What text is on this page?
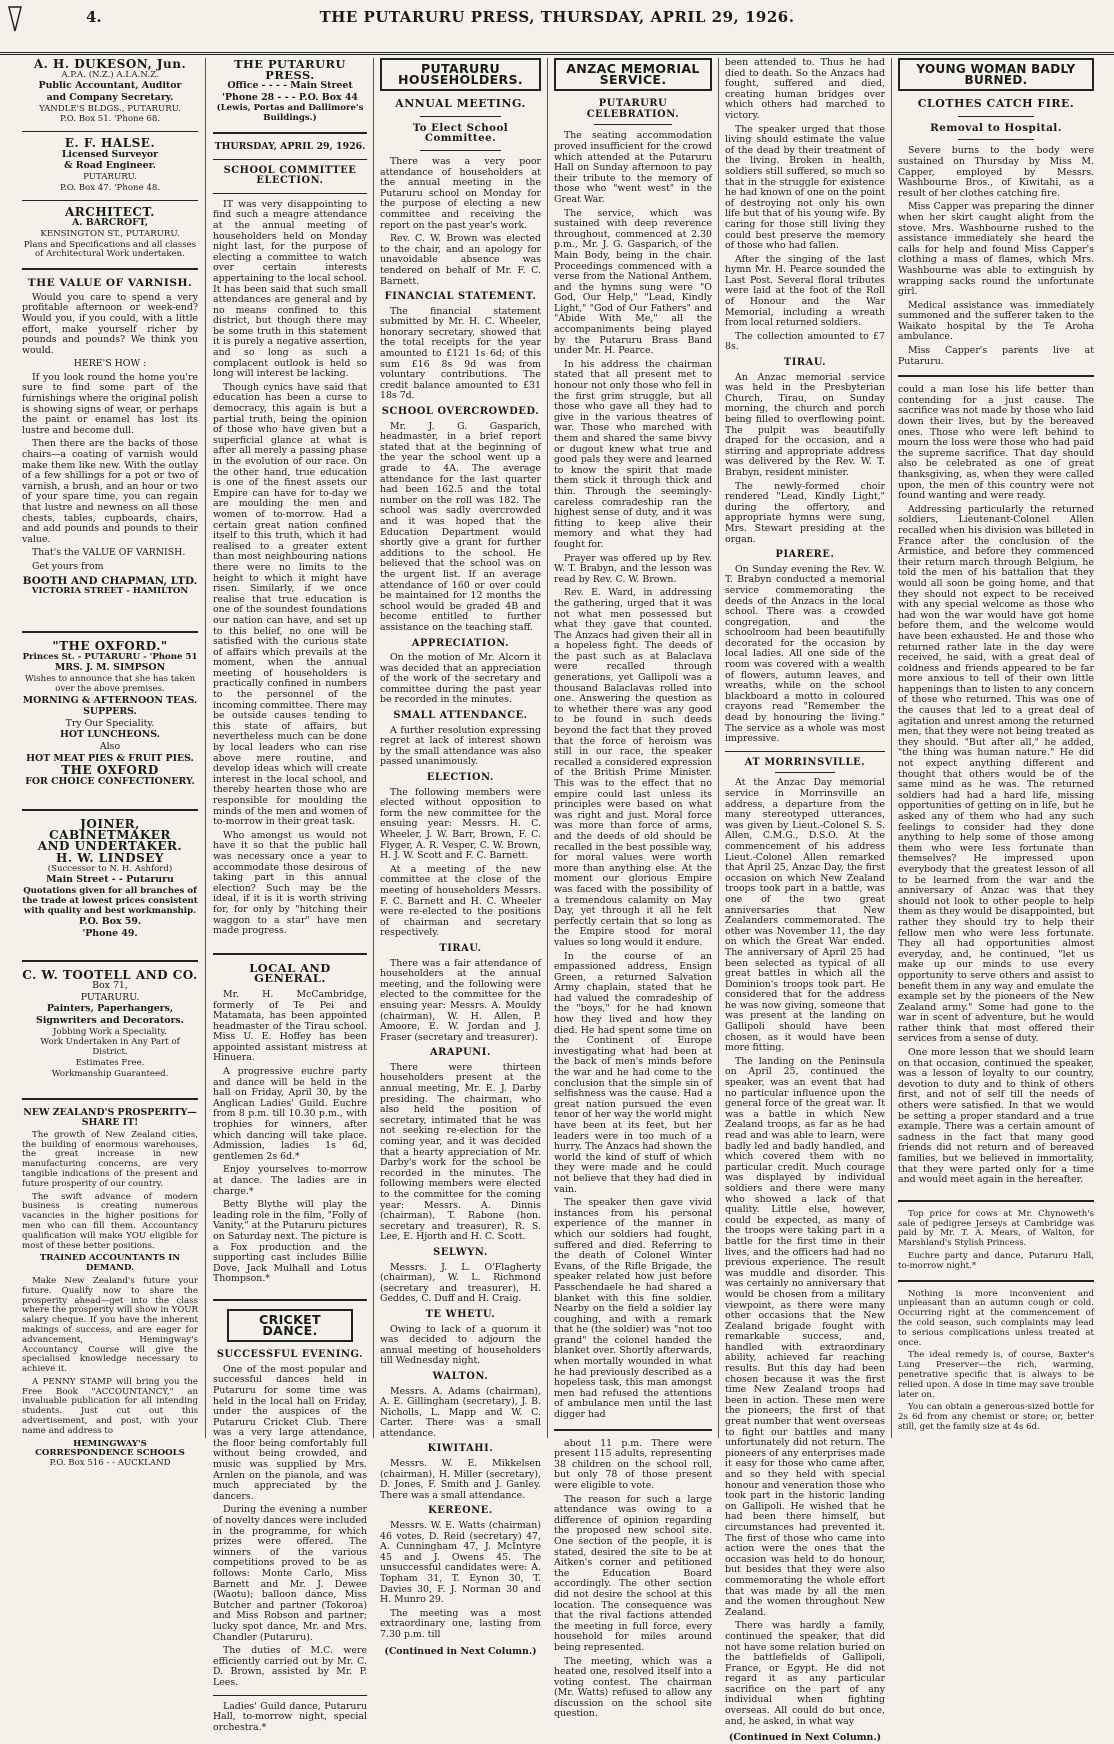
4.	THE PUTARURU PRESS, THURSDAY, APRIL 29, 1926.
A. H. DUKESON, Jun.
A.P.A. (N.Z.) A.I.A.N.Z.
Public Accountant, Auditor
and Company Secretary.
YANDLE'S BLDGS., PUTARURU.
P.O. Box 51. 'Phone 68.
E. F. HALSE.
Licensed Surveyor
& Road Engineer.
PUTARURU.
P.O. Box 47. 'Phone 48.
ARCHITECT.
A. BARCROFT,
KENSINGTON ST., PUTARURU.
Plans and Specifications and all classes of Architectural Work undertaken.
THE VALUE OF VARNISH.

Would you care to spend a very profitable afternoon or week-end? Would you, if you could, with a little effort, make yourself richer by pounds and pounds? We think you would.

HERE'S HOW :

If you look round the home you're sure to find some part of the furnishings where the original polish is showing signs of wear, or perhaps the paint or enamel has lost its lustre and become dull.

Then there are the backs of those chairs—a coating of varnish would make them like new. With the outlay of a few shillings for a pot or two of varnish, a brush, and an hour or two of your spare time, you can regain that lustre and newness on all those chests, tables, cupboards, chairs, and add pounds and pounds to their value.

That's the VALUE OF VARNISH.

Get yours from

BOOTH AND CHAPMAN, LTD.
VICTORIA STREET - HAMILTON
"THE OXFORD."
Princes St. - PUTARURU - 'Phone 51
MRS. J. M. SIMPSON
Wishes to announce that she has taken over the above premises.
MORNING & AFTERNOON TEAS.
SUPPERS.
Try Our Speciality.
HOT LUNCHEONS.
Also
HOT MEAT PIES & FRUIT PIES.
THE OXFORD
FOR CHOICE CONFECTIONERY.
JOINER, CABINETMAKER
AND UNDERTAKER.
H. W. LINDSEY
(Successor to N. H. Ashford)
Main Street - - Putaruru
Quotations given for all branches of the trade at lowest prices consistent with quality and best workmanship.
P.O. Box 59.
'Phone 49.
C. W. TOOTELL AND CO.
Box 71,
PUTARURU.
Painters, Paperhangers,
Signwriters and Decorators.
Jobbing Work a Speciality.
Work Undertaken in Any Part of District.
Estimates Free.
Workmanship Guaranteed.
NEW ZEALAND'S PROSPERITY— SHARE IT!

The growth of New Zealand cities, the building of enormous warehouses, the great increase in new manufacturing concerns, are very tangible indications of the present and future prosperity of our country.

The swift advance of modern business is creating numerous vacancies in the higher positions for men who can fill them. Accountancy qualification will make YOU eligible for most of these better positions.

TRAINED ACCOUNTANTS IN DEMAND.

Make New Zealand's future your future. Qualify now to share the prosperity ahead—get into the class where the prosperity will show in YOUR salary cheque. If you have the inherent makings of success, and are eager for advancement, Hemingway's Accountancy Course will give the specialised knowledge necessary to achieve it.

A PENNY STAMP will bring you the Free Book "ACCOUNTANCY," an invaluable publication for all intending students. Just cut out this advertisement, and post, with your name and address to

HEMINGWAY'S

CORRESPONDENCE SCHOOLS

P.O. Box 516 - - AUCKLAND

THE PUTARURU PRESS.
Office - - - - Main Street
'Phone 28 - - - P.O. Box 44
(Lewis, Portas and Dallimore's Buildings.)
THURSDAY, APRIL 29, 1926.
SCHOOL COMMITTEE ELECTION.

IT was very disappointing to find such a meagre attendance at the annual meeting of householders held on Monday night last, for the purpose of electing a committee to watch over certain interests appertaining to the local school. It has been said that such small attendances are general and by no means confined to this district, but though there may be some truth in this statement it is purely a negative assertion, and so long as such a complacent outlook is held so long will interest be lacking.

Though cynics have said that education has been a curse to democracy, this again is but a partial truth, being the opinion of those who have given but a superficial glance at what is after all merely a passing phase in the evolution of our race. On the other hand, true education is one of the finest assets our Empire can have for to-day we are moulding the men and women of to-morrow. Had a certain great nation confined itself to this truth, which it had realised to a greater extent than most neighbouring nations there were no limits to the height to which it might have risen. Similarly, if we once realise that true education is one of the soundest foundations our nation can have, and set up to this belief, no one will be satisfied with the curious state of affairs which prevails at the moment, when the annual meeting of householders is practically confined in numbers to the personnel of the incoming committee. There may be outside causes tending to this state of affairs, but nevertheless much can be done by local leaders who can rise above mere routine, and develop ideas which will create interest in the local school, and thereby hearten those who are responsible for moulding the minds of the men and women of to-morrow in their great task.

Who amongst us would not have it so that the public hall was necessary once a year to accommodate those desirous of taking part in this annual election? Such may be the ideal, if it is it is worth striving for, for only by "hitching their waggon to a star" have men made progress.

LOCAL AND GENERAL.

Mr. H. McCambridge, formerly of Te Pei and Matamata, has been appointed headmaster of the Tirau school. Miss U. E. Hoffey has been appointed assistant mistress at Hinuera.

A progressive euchre party and dance will be held in the hall on Friday, April 30, by the Anglican Ladies' Guild. Euchre from 8 p.m. till 10.30 p.m., with trophies for winners, after which dancing will take place. Admission, ladies 1s 6d, gentlemen 2s 6d.*

Enjoy yourselves to-morrow at dance. The ladies are in charge.*

Betty Blythe will play the leading role in the film, "Folly of Vanity," at the Putaruru pictures on Saturday next. The picture is a Fox production and the supporting cast includes Billie Dove, Jack Mulhall and Lotus Thompson.*

CRICKET DANCE.
SUCCESSFUL EVENING.

One of the most popular and successful dances held in Putaruru for some time was held in the local hall on Friday, under the auspices of the Putaruru Cricket Club. There was a very large attendance, the floor being comfortably full without being crowded, and music was supplied by Mrs. Arnlen on the pianola, and was much appreciated by the dancers.

During the evening a number of novelty dances were included in the programme, for which prizes were offered. The winners of the various competitions proved to be as follows: Monte Carlo, Miss Barnett and Mr. J. Dewee (Waotu); balloon dance, Miss Butcher and partner (Tokoroa) and Miss Robson and partner; lucky spot dance, Mr. and Mrs. Chandler (Putaruru).

The duties of M.C. were efficiently carried out by Mr. C. D. Brown, assisted by Mr. P. Lees.

Ladies' Guild dance, Putaruru Hall, to-morrow night, special orchestra.*

PUTARURU HOUSEHOLDERS.
ANNUAL MEETING.
To Elect School Committee.

There was a very poor attendance of householders at the annual meeting in the Putaruru school on Monday for the purpose of electing a new committee and receiving the report on the past year's work.

Rev. C. W. Brown was elected to the chair, and an apology for unavoidable absence was tendered on behalf of Mr. F. C. Barnett.

FINANCIAL STATEMENT.

The financial statement submitted by Mr. H. C. Wheeler, honorary secretary, showed that the total receipts for the year amounted to £121 1s 6d; of this sum £16 8s 9d was from voluntary contributions. The credit balance amounted to £31 18s 7d.

SCHOOL OVERCROWDED.

Mr. J. G. Gasparich, headmaster, in a brief report stated that at the beginning of the year the school went up a grade to 4A. The average attendance for the last quarter had been 162.5 and the total number on the roll was 182. The school was sadly overcrowded and it was hoped that the Education Department would shortly give a grant for further additions to the school. He believed that the school was on the urgent list. If an average attendance of 160 or over could be maintained for 12 months the school would be graded 4B and become entitled to further assistance on the teaching staff.

APPRECIATION.

On the motion of Mr. Alcorn it was decided that an appreciation of the work of the secretary and committee during the past year be recorded in the minutes.

SMALL ATTENDANCE.

A further resolution expressing regret at lack of interest shown by the small attendance was also passed unanimously.

ELECTION.

The following members were elected without opposition to form the new committee for the ensuing year: Messrs. H. C. Wheeler, J. W. Barr, Brown, F. C. Flyger, A. R. Vesper, C. W. Brown, H. J. W. Scott and F. C. Barnett.

At a meeting of the new committee at the close of the meeting of householders Messrs. F. C. Barnett and H. C. Wheeler were re-elected to the positions of chairman and secretary respectively.

TIRAU.

There was a fair attendance of householders at the annual meeting, and the following were elected to the committee for the ensuing year: Messrs. A. Mouldy (chairman), W. H. Allen, P. Amoore, E. W. Jordan and J. Fraser (secretary and treasurer).

ARAPUNI.

There were thirteen householders present at the annual meeting, Mr. E. J. Darby presiding. The chairman, who also held the position of secretary, intimated that he was not seeking re-election for the coming year, and it was decided that a hearty appreciation of Mr. Darby's work for the school be recorded in the minutes. The following members were elected to the committee for the coming year: Messrs. A. Dinnis (chairman), T. Rabone (hon. secretary and treasurer), R. S. Lee, E. Hjorth and H. C. Scott.

SELWYN.

Messrs. J. L. O'Flagherty (chairman), W. L. Richmond (secretary and treasurer), H. Geddes, C. Duff and H. Craig.

TE WHETU.

Owing to lack of a quorum it was decided to adjourn the annual meeting of householders till Wednesday night.

WALTON.

Messrs. A. Adams (chairman), A. E. Gillingham (secretary), J. B. Nicholls, L. Mapp and W. C. Carter. There was a small attendance.

KIWITAHI.

Messrs. W. E. Mikkelsen (chairman), H. Miller (secretary), D. Jones, F. Smith and J. Ganley. There was a small attendance.

KEREONE.

Messrs. W. E. Watts (chairman) 46 votes, D. Reid (secretary) 47, A. Cunningham 47, J. McIntyre 45 and J. Owens 45. The unsuccessful candidates were: A. Topham 31, T. Eynon 30, T. Davies 30, F. J. Norman 30 and H. Munro 29.

The meeting was a most extraordinary one, lasting from 7.30 p.m. till

(Continued in Next Column.)
ANZAC MEMORIAL SERVICE.
PUTARURU CELEBRATION.

The seating accommodation proved insufficient for the crowd which attended at the Putaruru Hall on Sunday afternoon to pay their tribute to the memory of those who "went west" in the Great War.

The service, which was sustained with deep reverence throughout, commenced at 2.30 p.m., Mr. J. G. Gasparich, of the Main Body, being in the chair. Proceedings commenced with a verse from the National Anthem, and the hymns sung were "O God, Our Help," "Lead, Kindly Light," "God of Our Fathers" and "Abide With Me," all the accompaniments being played by the Putaruru Brass Band under Mr. H. Pearce.

In his address the chairman stated that all present met to honour not only those who fell in the first grim struggle, but all those who gave all they had to give in the various theatres of war. Those who marched with them and shared the same bivvy or dugout knew what true and good pals they were and learned to know the spirit that made them stick it through thick and thin. Through the seemingly-careless comradeship ran the highest sense of duty, and it was fitting to keep alive their memory and what they had fought for.

Prayer was offered up by Rev. W. T. Brabyn, and the lesson was read by Rev. C. W. Brown.

Rev. E. Ward, in addressing the gathering, urged that it was not what men possessed but what they gave that counted. The Anzacs had given their all in a hopeless fight. The deeds of the past such as at Balaclava were recalled through generations, yet Gallipoli was a thousand Balaclavas rolled into one. Answering the question as to whether there was any good to be found in such deeds beyond the fact that they proved that the force of heroism was still in our race, the speaker recalled a considered expression of the British Prime Minister. This was to the effect that no empire could last unless its principles were based on what was right and just. Moral force was more than force of arms, and the deeds of old should be recalled in the best possible way, for moral values were worth more than anything else. At the moment our glorious Empire was faced with the possibility of a tremendous calamity on May Day, yet through it all he felt perfectly certain that so long as the Empire stood for moral values so long would it endure.

In the course of an empassioned address, Ensign Green, a returned Salvation Army chaplain, stated that he had valued the comradeship of the "boys," for he had known how they lived and how they died. He had spent some time on the Continent of Europe investigating what had been at the back of men's minds before the war and he had come to the conclusion that the simple sin of selfishness was the cause. Had a great nation pursued the even tenor of her way the world might have been at its feet, but her leaders were in too much of a hurry. The Anzacs had shown the world the kind of stuff of which they were made and he could not believe that they had died in vain.

The speaker then gave vivid instances from his personal experience of the manner in which our soldiers had fought, suffered and died. Referring to the death of Colonel Winter Evans, of the Rifle Brigade, the speaker related how just before Passchendaele he had shared a blanket with this fine soldier. Nearby on the field a soldier lay coughing, and with a remark that he (the soldier) was "not too grand" the colonel handed the blanket over. Shortly afterwards, when mortally wounded in what he had previously described as a hopeless task, this man amongst men had refused the attentions of ambulance men until the last digger had

about 11 p.m. There were present 115 adults, representing 38 children on the school roll, but only 78 of those present were eligible to vote.

The reason for such a large attendance was owing to a difference of opinion regarding the proposed new school site. One section of the people, it is stated, desired the site to be at Aitken's corner and petitioned the Education Board accordingly. The other section did not desire the school at this location. The consequence was that the rival factions attended the meeting in full force, every household for miles around being represented.

The meeting, which was a heated one, resolved itself into a voting contest. The chairman (Mr. Watts) refused to allow any discussion on the school site question.

been attended to. Thus he had died to death. So the Anzacs had fought, suffered and died, creating human bridges over which others had marched to victory.

The speaker urged that those living should estimate the value of the dead by their treatment of the living. Broken in health, soldiers still suffered, so much so that in the struggle for existence he had known of one on the point of destroying not only his own life but that of his young wife. By caring for those still living they could best preserve the memory of those who had fallen.

After the singing of the last hymn Mr. H. Pearce sounded the Last Post. Several floral tributes were laid at the foot of the Roll of Honour and the War Memorial, including a wreath from local returned soldiers.

The collection amounted to £7 8s.

TIRAU.

An Anzac memorial service was held in the Presbyterian Church, Tirau, on Sunday morning, the church and porch being filled to overflowing point. The pulpit was beautifully draped for the occasion, and a stirring and appropriate address was delivered by the Rev. W. T. Brabyn, resident minister.

The newly-formed choir rendered "Lead, Kindly Light," during the offertory, and appropriate hymns were sung, Mrs. Stewart presiding at the organ.

PIARERE.

On Sunday evening the Rev. W. T. Brabyn conducted a memorial service commemorating the deeds of the Anzacs in the local school. There was a crowded congregation, and the schoolroom had been beautifully decorated for the occasion by local ladies. All one side of the room was covered with a wealth of flowers, autumn leaves, and wreaths, while on the school blackboard a motto in coloured crayons read "Remember the dead by honouring the living." The service as a whole was most impressive.

AT MORRINSVILLE.

At the Anzac Day memorial service in Morrinsville an address, a departure from the many stereotyped utterances, was given by Lieut.-Colonel S. S. Allen, C.M.G., D.S.O. At the commencement of his address Lieut.-Colonel Allen remarked that April 25, Anzac Day, the first occasion on which New Zealand troops took part in a battle, was one of the two great anniversaries that New Zealanders commemorated. The other was November 11, the day on which the Great War ended. The anniversary of April 25 had been selected as typical of all great battles in which all the Dominion's troops took part. He considered that for the address he was now giving, someone that was present at the landing on Gallipoli should have been chosen, as it would have been more fitting.

The landing on the Peninsula on April 25, continued the speaker, was an event that had no particular influence upon the general force of the great war. It was a battle in which New Zealand troops, as far as he had read and was able to learn, were badly led and badly handled, and which covered them with no particular credit. Much courage was displayed by individual soldiers and there were many who showed a lack of that quality. Little else, however, could be expected, as many of the troops were taking part in a battle for the first time in their lives, and the officers had had no previous experience. The result was muddle and disorder. This was certainly no anniversary that would be chosen from a military viewpoint, as there were many other occasions that the New Zealand brigade fought with remarkable success, and, handled with extraordinary ability, achieved far reaching results. But this day had been chosen because it was the first time New Zealand troops had been in action. These men were the pioneers, the first of that great number that went overseas to fight our battles and many unfortunately did not return. The pioneers of any enterprises made it easy for those who came after, and so they held with special honour and veneration those who took part in the historic landing on Gallipoli. He wished that he had been there himself, but circumstances had prevented it. The first of those who came into action were the ones that the occasion was held to do honour, but besides that they were also commemorating the whole effort that was made by all the men and the women throughout New Zealand.

There was hardly a family, continued the speaker, that did not have some relation buried on the battlefields of Gallipoli, France, or Egypt. He did not regard it as any particular sacrifice on the part of any individual when fighting overseas. All could do but once, and, he asked, in what way

(Continued in Next Column.)
YOUNG WOMAN BADLY BURNED.
CLOTHES CATCH FIRE.
Removal to Hospital.

Severe burns to the body were sustained on Thursday by Miss M. Capper, employed by Messrs. Washbourne Bros., of Kiwitahi, as a result of her clothes catching fire.

Miss Capper was preparing the dinner when her skirt caught alight from the stove. Mrs. Washbourne rushed to the assistance immediately she heard the calls for help and found Miss Capper's clothing a mass of flames, which Mrs. Washbourne was able to extinguish by wrapping sacks round the unfortunate girl.

Medical assistance was immediately summoned and the sufferer taken to the Waikato hospital by the Te Aroha ambulance.

Miss Capper's parents live at Putaruru.

could a man lose his life better than contending for a just cause. The sacrifice was not made by those who laid down their lives, but by the bereaved ones. Those who were left behind to mourn the loss were those who had paid the supreme sacrifice. That day should also be celebrated as one of great thanksgiving, as, when they were called upon, the men of this country were not found wanting and were ready.

Addressing particularly the returned soldiers, Lieutenant-Colonel Allen recalled when his division was billeted in France after the conclusion of the Armistice, and before they commenced their return march through Belgium, he told the men of his battalion that they would all soon be going home, and that they should not expect to be received with any special welcome as those who had won the war would have got home before them, and the welcome would have been exhausted. He and those who returned rather late in the day were received, he said, with a great deal of coldness and friends appeared to be far more anxious to tell of their own little happenings than to listen to any concern of those who returned. This was one of the causes that led to a great deal of agitation and unrest among the returned men, that they were not being treated as they should. "But after all," he added, "the thing was human nature." He did not expect anything different and thought that others would be of the same mind as he was. The returned soldiers had had a hard life, missing opportunities of getting on in life, but he asked any of them who had any such feelings to consider had they done anything to help some of those among them who were less fortunate than themselves? He impressed upon everybody that the greatest lesson of all to be learned from the war and the anniversary of Anzac was that they should not look to other people to help them as they would be disappointed, but rather they should try to help their fellow men who were less fortunate. They all had opportunities almost everyday, and, he continued, "let us make up our minds to use every opportunity to serve others and assist to benefit them in any way and emulate the example set by the pioneers of the New Zealand army." Some had gone to the war in scent of adventure, but he would rather think that most offered their services from a sense of duty.

One more lesson that we should learn on that occasion, continued the speaker, was a lesson of loyalty to our country, devotion to duty and to think of others first, and not of self till the needs of others were satisfied. In that we would be setting a proper standard and a true example. There was a certain amount of sadness in the fact that many good friends did not return and of bereaved families, but we believed in immortality, that they were parted only for a time and would meet again in the hereafter.

Top price for cows at Mr. Chynoweth's sale of pedigree Jerseys at Cambridge was paid by Mr. T. A. Mears, of Walton, for Marshland's Stylish Princess.

Euchre party and dance, Putaruru Hall, to-morrow night.*

Nothing is more inconvenient and unpleasant than an autumn cough or cold. Occurring right at the commencement of the cold season, such complaints may lead to serious complications unless treated at once.

The ideal remedy is, of course, Baxter's Lung Preserver—the rich, warming, penetrative specific that is always to be relied upon. A dose in time may save trouble later on.

You can obtain a generous-sized bottle for 2s 6d from any chemist or store; or, better still, get the family size at 4s 6d.
